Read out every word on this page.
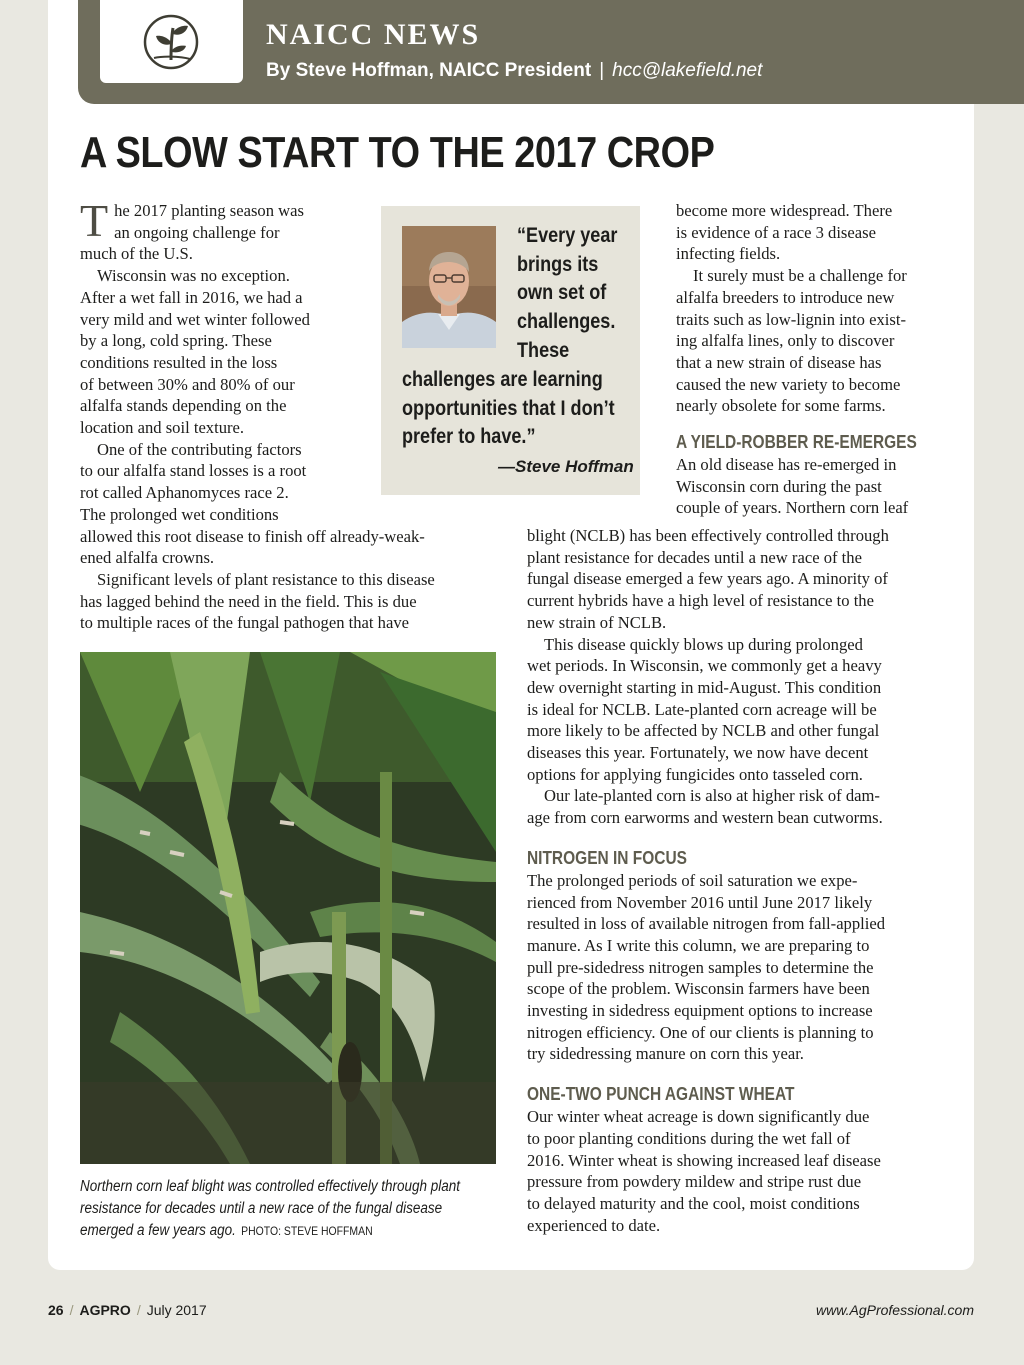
NAICC NEWS
By Steve Hoffman, NAICC President | hcc@lakefield.net
A SLOW START TO THE 2017 CROP

The 2017 planting season was
an ongoing challenge for
much of the U.S.

Wisconsin was no exception.
After a wet fall in 2016, we had a
very mild and wet winter followed
by a long, cold spring. These
conditions resulted in the loss
of between 30% and 80% of our
alfalfa stands depending on the
location and soil texture.

One of the contributing factors
to our alfalfa stand losses is a root
rot called Aphanomyces race 2.
The prolonged wet conditions
allowed this root disease to finish off already-weak-
ened alfalfa crowns.

Significant levels of plant resistance to this disease
has lagged behind the need in the field. This is due
to multiple races of the fungal pathogen that have

“Every year
brings its
own set of
challenges.
These
challenges are learning
opportunities that I don’t
prefer to have.”
—Steve Hoffman

become more widespread. There
is evidence of a race 3 disease
infecting fields.

It surely must be a challenge for
alfalfa breeders to introduce new
traits such as low-lignin into exist-
ing alfalfa lines, only to discover
that a new strain of disease has
caused the new variety to become
nearly obsolete for some farms.

A YIELD-ROBBER RE-EMERGES

An old disease has re-emerged in
Wisconsin corn during the past
couple of years. Northern corn leaf

blight (NCLB) has been effectively controlled through
plant resistance for decades until a new race of the
fungal disease emerged a few years ago. A minority of
current hybrids have a high level of resistance to the
new strain of NCLB.

This disease quickly blows up during prolonged
wet periods. In Wisconsin, we commonly get a heavy
dew overnight starting in mid-August. This condition
is ideal for NCLB. Late-planted corn acreage will be
more likely to be affected by NCLB and other fungal
diseases this year. Fortunately, we now have decent
options for applying fungicides onto tasseled corn.

Our late-planted corn is also at higher risk of dam-
age from corn earworms and western bean cutworms.

NITROGEN IN FOCUS

The prolonged periods of soil saturation we expe-
rienced from November 2016 until June 2017 likely
resulted in loss of available nitrogen from fall-applied
manure. As I write this column, we are preparing to
pull pre-sidedress nitrogen samples to determine the
scope of the problem. Wisconsin farmers have been
investing in sidedress equipment options to increase
nitrogen efficiency. One of our clients is planning to
try sidedressing manure on corn this year.

ONE-TWO PUNCH AGAINST WHEAT

Our winter wheat acreage is down significantly due
to poor planting conditions during the wet fall of
2016. Winter wheat is showing increased leaf disease
pressure from powdery mildew and stripe rust due
to delayed maturity and the cool, moist conditions
experienced to date.

Northern corn leaf blight was controlled effectively through plant
resistance for decades until a new race of the fungal disease
emerged a few years ago. PHOTO: STEVE HOFFMAN
26 / AGPRO / July 2017	www.AgProfessional.com
